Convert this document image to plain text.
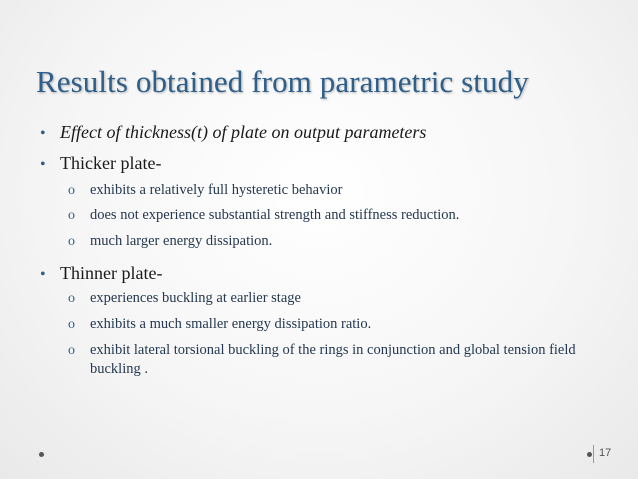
Results obtained from parametric study
• Effect of thickness(t) of plate on output parameters
• Thicker plate-
o	exhibits a relatively full hysteretic behavior
o	does not experience substantial strength and stiffness reduction.
o	much larger energy dissipation.
• Thinner plate-
o	experiences buckling at earlier stage
o	exhibits a much smaller energy dissipation ratio.
o	exhibit lateral torsional buckling of the rings in conjunction and global tension field buckling .
17
